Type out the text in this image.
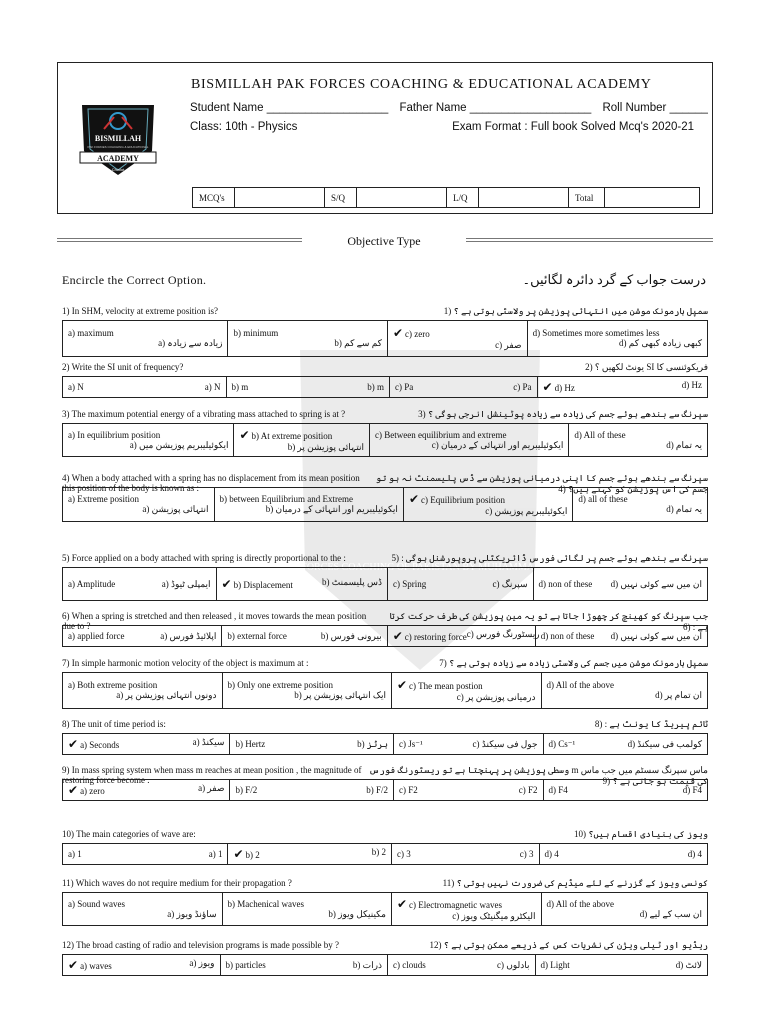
BISMILLAH
PAK FORCES COACHING & EDUCATIONAL
ACADEMY
Chiniot
BISMILLAH PAK FORCES COACHING & EDUCATIONAL ACADEMY
Student Name ___________________ Father Name ___________________ Roll Number ______
Class: 10th - Physics	Exam Format : Full book Solved Mcq's 2020-21
MCQ's	S/Q	L/Q	Total
Objective Type
Encircle the Correct Option.	درست جواب کے گرد دائرہ لگائیں۔
BISMILLAH PAK FORCES COACHING OF PAKISTAN BY MUHAMMAD USMAN KHICHI
1) In SHM, velocity at extreme position is?	سمپل ہارمونک موشن میں انتہائی پوزیشن پر ولاسٹی ہوتی ہے ؟ (1
a) maximum
زیادہ سے زیادہ (a
b) minimum
کم سے کم (b
✔ c) zero
صفر (c
d) Sometimes more sometimes less
کبھی زیادہ کبھی کم (d
2) Write the SI unit of frequency?	فریکوئنسی کا SI یونٹ لکھیں ؟ (2
a) N	a) N b) m	b) m c) Pa	c) Pa ✔ d) Hz	d) Hz
3) The maximum potential energy of a vibrating mass attached to spring is at ?	سپرنگ سے بندھے ہوئے جسم کی زیادہ سے زیادہ پوٹینشل انرجی ہوگی ؟ (3
a) In equilibrium position
ایکوئیلیبریم پوزیشن میں (a
✔ b) At extreme position
انتہائی پوزیشن پر (b
c) Between equilibrium and extreme
ایکوئیلیبریم اور انتہائی کے درمیان (c
d) All of these
یہ تمام (d
4) When a body attached with a spring has no displacement from its mean position this position of the body is known as :
سپرنگ سے بندھے ہوئے جسم کا اپنی درمیانی پوزیشن سے ڈس پلیسمنٹ نہ ہو تو جسم کی اس پوزیشن کو کہتے ہیں؟ (4
a) Extreme position
انتہائی پوزیشن (a
b) between Equilibrium and Extreme
ایکوئیلیبریم اور انتہائی کے درمیان (b
✔ c) Equilibrium position
ایکوئیلیبریم پوزیشن (c
d) all of these
یہ تمام (d
5) Force applied on a body attached with spring is directly proportional to the :	سپرنگ سے بندھے ہوئے جسم پر لگائی فورس ڈائریکٹلی پروپورشنل ہوگی : (5
a) Amplitude	ایمپلی ٹیوڈ (a ✔ b) Displacement	ڈس پلیسمنٹ (b c) Spring	سپرنگ (c d) non of these ان میں سے کوئی نہیں (d
6) When a spring is stretched and then released , it moves towards the mean position due to ?
جب سپرنگ کو کھینچ کر چھوڑا جاتا ہے تو یہ مین پوزیشن کی طرف حرکت کرتا ہے : (6
a) applied force	اپلائیڈ فورس (a b) external force	بیرونی فورس (b ✔ c) restoring force ریسٹورنگ فورس (c d) non of these ان میں سے کوئی نہیں (d
7) In simple harmonic motion velocity of the object is maximum at :	سمپل ہارمونک موشن میں جسم کی ولاسٹی زیادہ سے زیادہ ہوتی ہے ؟ (7
a) Both extreme position
دونوں انتہائی پوزیشن پر (a
b) Only one extreme position
ایک انتہائی پوزیشن پر (b
✔ c) The mean postion
درمیانی پوزیشن پر (c
d) All of the above
ان تمام پر (d
8) The unit of time period is:	ٹائم پیریڈ کا یونٹ ہے : (8
✔ a) Seconds	سیکنڈ (a b) Hertz	ہرٹز (b c) Js⁻¹	جول فی سیکنڈ (c d) Cs⁻¹	کولمب فی سیکنڈ (d
9) In mass spring system when mass m reaches at mean position , the magnitude of restoring force become .
ماس سپرنگ سسٹم میں جب ماس m وسطی پوزیشن پر پہنچتا ہے تو ریسٹورنگ فورس کی قیمت ہو جاتی ہے ؟ (9
✔ a) zero	صفر (a b) F/2	b) F/2 c) F2	c) F2 d) F4	d) F4
10) The main categories of wave are:	ویوز کی بنیادی اقسام ہیں؟ (10
a) 1	a) 1 ✔ b) 2	b) 2 c) 3	c) 3 d) 4	d) 4
11) Which waves do not require medium for their propagation ?	کونسی ویوز کے گزرنے کے لئے میڈیم کی ضرورت نہیں ہوتی ؟ (11
a) Sound waves
ساؤنڈ ویوز (a
b) Machenical waves
مکینیکل ویوز (b
✔ c) Electromagnetic waves
الیکٹرو میگنیٹک ویوز (c
d) All of the above
ان سب کے لیے (d
12) The broad casting of radio and television programs is made possible by ?	ریڈیو اور ٹیلی ویژن کی نشریات کس کے ذریعے ممکن ہوتی ہے ؟ (12
✔ a) waves	ویوز (a b) particles	ذرات (b c) clouds	بادلوں (c d) Light	لائٹ (d
